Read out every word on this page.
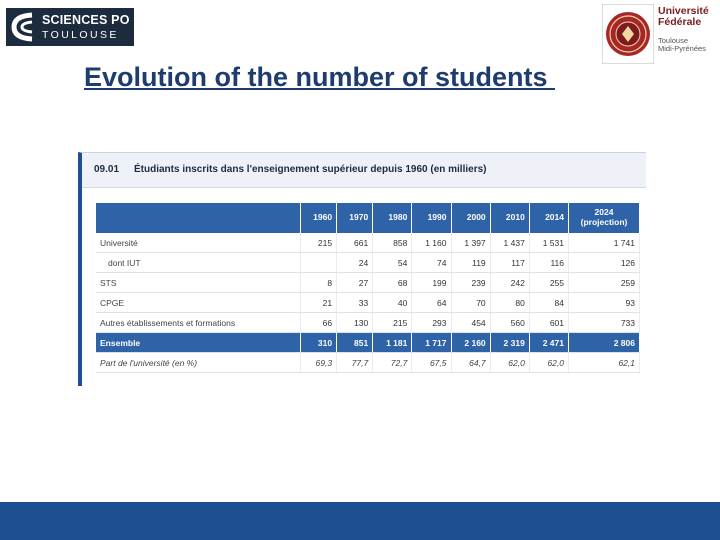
SCIENCES PO
TOULOUSE
Université
Fédérale
Toulouse
Midi-Pyrénées
Evolution of the number of students
09.01 Étudiants inscrits dans l'enseignement supérieur depuis 1960 (en milliers)
	1960	1970	1980	1990	2000	2010	2014	2024 (projection)
Université	215	661	858	1 160	1 397	1 437	1 531	1 741
dont IUT		24	54	74	119	117	116	126
STS	8	27	68	199	239	242	255	259
CPGE	21	33	40	64	70	80	84	93
Autres établissements et formations	66	130	215	293	454	560	601	733
Ensemble	310	851	1 181	1 717	2 160	2 319	2 471	2 806
Part de l'université (en %)	69,3	77,7	72,7	67,5	64,7	62,0	62,0	62,1
